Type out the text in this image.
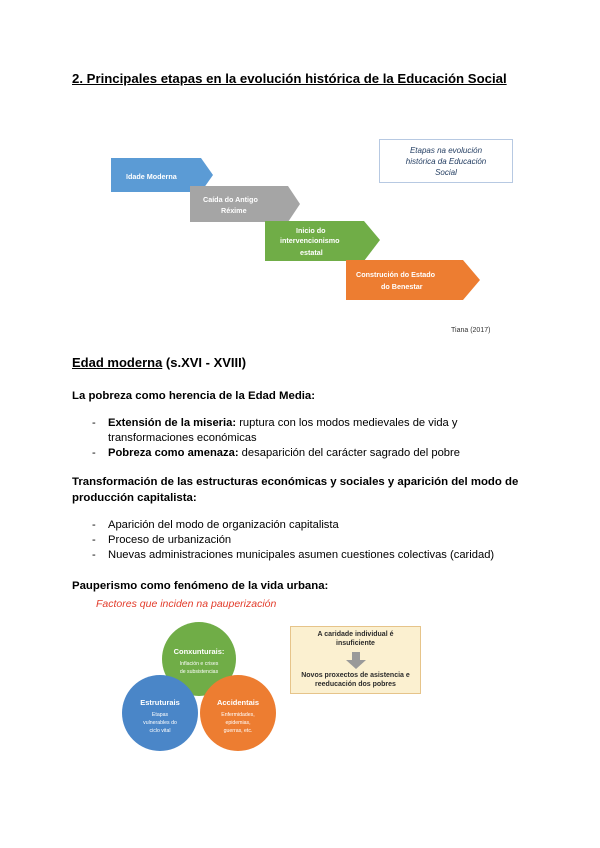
2. Principales etapas en la evolución histórica de la Educación Social
Idade Moderna
Caída do Antigo
Réxime
Inicio do
intervencionismo
estatal
Construción do Estado
do Benestar
Etapas na evolución
histórica da Educación
Social
Tiana (2017)
Edad moderna (s.XVI - XVIII)
La pobreza como herencia de la Edad Media:
- Extensión de la miseria: ruptura con los modos medievales de vida y
transformaciones económicas
- Pobreza como amenaza: desaparición del carácter sagrado del pobre
Transformación de las estructuras económicas y sociales y aparición del modo de
producción capitalista:
- Aparición del modo de organización capitalista
- Proceso de urbanización
- Nuevas administraciones municipales asumen cuestiones colectivas (caridad)
Pauperismo como fenómeno de la vida urbana:
Factores que inciden na pauperización
Conxunturais:
Inflación e crises
de subsistencias
Estruturais
Etapas
vulnerables do
ciclo vital
Accidentais
Enfermidades,
epidemias,
guerras, etc.
A caridade individual é
insuficiente
Novos proxectos de asistencia e
reeducación dos pobres
